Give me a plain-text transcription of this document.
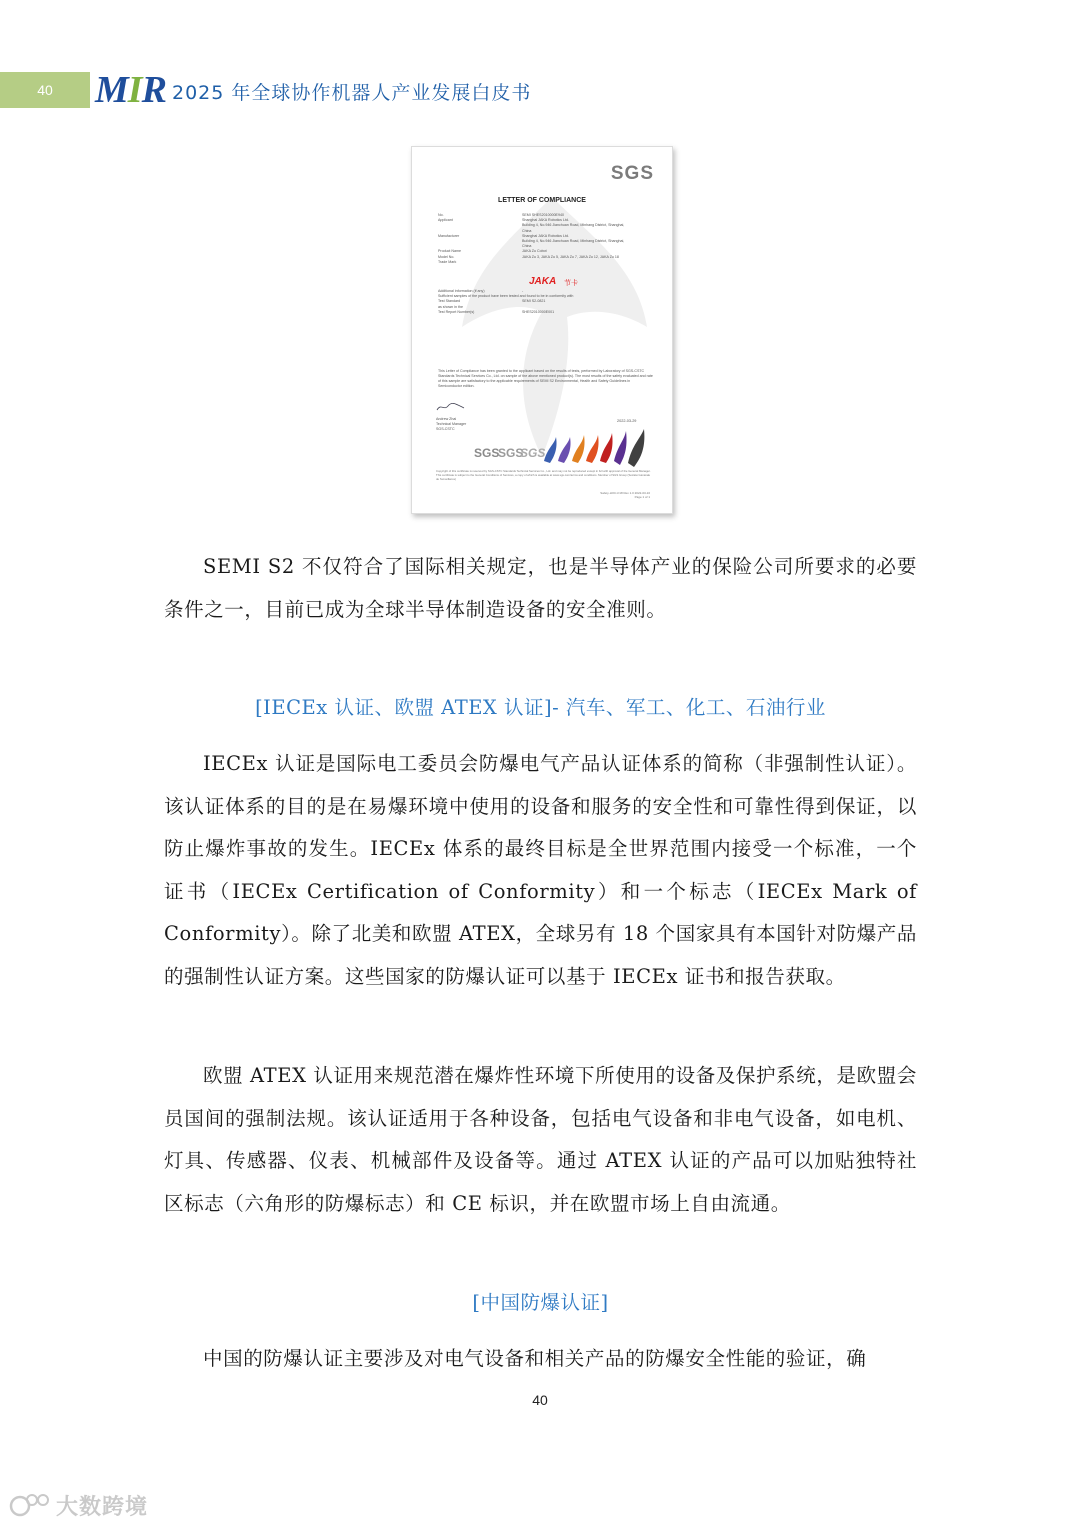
40	MIR 2025 年全球协作机器人产业发展白皮书
SGS
LETTER OF COMPLIANCE
No.	SEMI SHES2010000E940
Applicant	Shanghai JAKA Robotics Ltd.
Building 4, No.946 Jianchuan Road, Minhang District, Shanghai,
China
Manufacturer	Shanghai JAKA Robotics Ltd.
Building 4, No.946 Jianchuan Road, Minhang District, Shanghai,
China
Product Name	JAKA Zu Cobot
Model No.	JAKA Zu 3, JAKA Zu 5, JAKA Zu 7, JAKA Zu 12, JAKA Zu 18
Trade Mark
JAKA 节卡
Additional information (if any)	-
Sufficient samples of the product have been tested and found to be in conformity with
Test Standard	SEMI S2-0821
as shown in the
Test Report Number(s)	SHES2010000E001
This Letter of Compliance has been granted to the applicant based on the results of tests, performed by Laboratory of SGS-CSTC Standards Technical Services Co., Ltd. on sample of the above mentioned product(s). The most results of the safety evaluated and rate of this sample are satisfactory to the applicable requirements of SEMI S2 Environmental, Health and Safety Guidelines in Semiconductor edition.
Andrew Zhai
Technical Manager
SGS-CSTC
2022-03-29
SGS
SGS
SGS
Copyright of this certificate is reserved by SGS-CSTC Standards Technical Services Co., Ltd. and may not be reproduced except in full with approval of the General Manager. This certificate is subject to the General Conditions of Services, a copy of which is available at www.sgs.com/terms and conditions. Member of SGS Group (Société Générale de Surveillance)
Safety-HOC-F18 Rev 1.0 2022-03-10
Page 1 of 1

SEMI S2 不仅符合了国际相关规定，也是半导体产业的保险公司所要求的必要条件之一，目前已成为全球半导体制造设备的安全准则。

[IECEx 认证、欧盟 ATEX 认证]- 汽车、军工、化工、石油行业

IECEx 认证是国际电工委员会防爆电气产品认证体系的简称（非强制性认证）。该认证体系的目的是在易爆环境中使用的设备和服务的安全性和可靠性得到保证，以防止爆炸事故的发生。IECEx 体系的最终目标是全世界范围内接受一个标准，一个证书（IECEx Certification of Conformity）和一个标志（IECEx Mark of Conformity）。除了北美和欧盟 ATEX，全球另有 18 个国家具有本国针对防爆产品的强制性认证方案。这些国家的防爆认证可以基于 IECEx 证书和报告获取。

欧盟 ATEX 认证用来规范潜在爆炸性环境下所使用的设备及保护系统，是欧盟会员国间的强制法规。该认证适用于各种设备，包括电气设备和非电气设备，如电机、灯具、传感器、仪表、机械部件及设备等。通过 ATEX 认证的产品可以加贴独特社区标志（六角形的防爆标志）和 CE 标识，并在欧盟市场上自由流通。

[中国防爆认证]

中国的防爆认证主要涉及对电气设备和相关产品的防爆安全性能的验证，确

40
大数跨境
